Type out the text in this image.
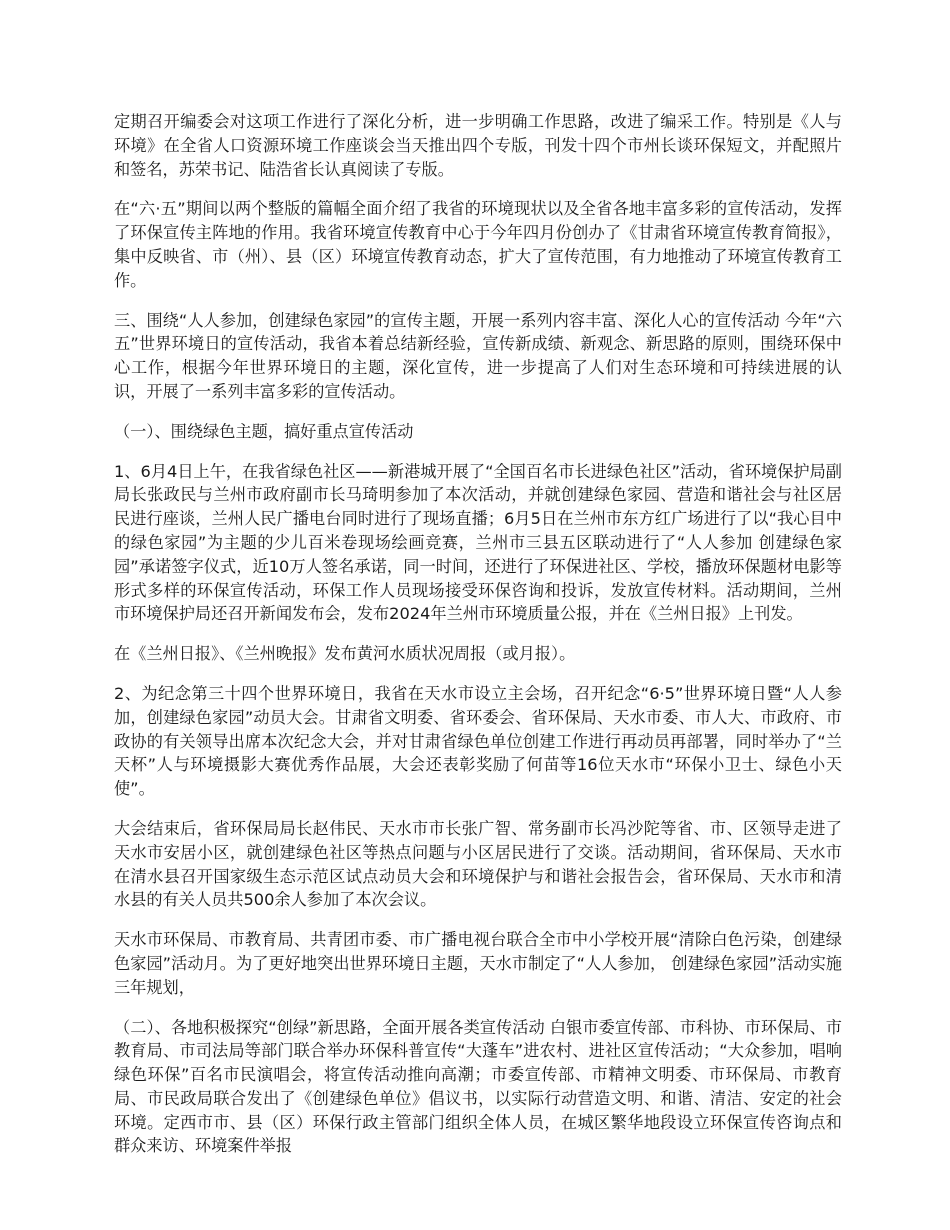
定期召开编委会对这项工作进行了深化分析，进一步明确工作思路，改进了编采工作。特别是《人与环境》在全省人口资源环境工作座谈会当天推出四个专版，刊发十四个市州长谈环保短文，并配照片和签名，苏荣书记、陆浩省长认真阅读了专版。

在“六·五”期间以两个整版的篇幅全面介绍了我省的环境现状以及全省各地丰富多彩的宣传活动，发挥了环保宣传主阵地的作用。我省环境宣传教育中心于今年四月份创办了《甘肃省环境宣传教育简报》，集中反映省、市（州）、县（区）环境宣传教育动态，扩大了宣传范围，有力地推动了环境宣传教育工作。

三、围绕“人人参加，创建绿色家园”的宣传主题，开展一系列内容丰富、深化人心的宣传活动 今年“六五”世界环境日的宣传活动，我省本着总结新经验，宣传新成绩、新观念、新思路的原则，围绕环保中心工作，根据今年世界环境日的主题，深化宣传，进一步提高了人们对生态环境和可持续进展的认识，开展了一系列丰富多彩的宣传活动。

（一）、围绕绿色主题，搞好重点宣传活动

1、6月4日上午，在我省绿色社区——新港城开展了“全国百名市长进绿色社区”活动，省环境保护局副局长张政民与兰州市政府副市长马琦明参加了本次活动，并就创建绿色家园、营造和谐社会与社区居民进行座谈，兰州人民广播电台同时进行了现场直播；6月5日在兰州市东方红广场进行了以“我心目中的绿色家园”为主题的少儿百米卷现场绘画竞赛，兰州市三县五区联动进行了“人人参加 创建绿色家园”承诺签字仪式，近10万人签名承诺，同一时间，还进行了环保进社区、学校，播放环保题材电影等形式多样的环保宣传活动，环保工作人员现场接受环保咨询和投诉，发放宣传材料。活动期间，兰州市环境保护局还召开新闻发布会，发布2024年兰州市环境质量公报，并在《兰州日报》上刊发。

在《兰州日报》、《兰州晚报》发布黄河水质状况周报（或月报）。

2、为纪念第三十四个世界环境日，我省在天水市设立主会场，召开纪念“6·5”世界环境日暨“人人参加，创建绿色家园”动员大会。甘肃省文明委、省环委会、省环保局、天水市委、市人大、市政府、市政协的有关领导出席本次纪念大会，并对甘肃省绿色单位创建工作进行再动员再部署，同时举办了“兰天杯”人与环境摄影大赛优秀作品展，大会还表彰奖励了何苗等16位天水市“环保小卫士、绿色小天使”。

大会结束后，省环保局局长赵伟民、天水市市长张广智、常务副市长冯沙陀等省、市、区领导走进了天水市安居小区，就创建绿色社区等热点问题与小区居民进行了交谈。活动期间，省环保局、天水市在清水县召开国家级生态示范区试点动员大会和环境保护与和谐社会报告会，省环保局、天水市和清水县的有关人员共500余人参加了本次会议。

天水市环保局、市教育局、共青团市委、市广播电视台联合全市中小学校开展“清除白色污染，创建绿色家园”活动月。为了更好地突出世界环境日主题，天水市制定了“人人参加， 创建绿色家园”活动实施三年规划，

（二）、各地积极探究“创绿”新思路，全面开展各类宣传活动 白银市委宣传部、市科协、市环保局、市教育局、市司法局等部门联合举办环保科普宣传“大蓬车”进农村、进社区宣传活动；“大众参加，唱响绿色环保”百名市民演唱会，将宣传活动推向高潮；市委宣传部、市精神文明委、市环保局、市教育局、市民政局联合发出了《创建绿色单位》倡议书，以实际行动营造文明、和谐、清洁、安定的社会环境。定西市市、县（区）环保行政主管部门组织全体人员，在城区繁华地段设立环保宣传咨询点和群众来访、环境案件举报
